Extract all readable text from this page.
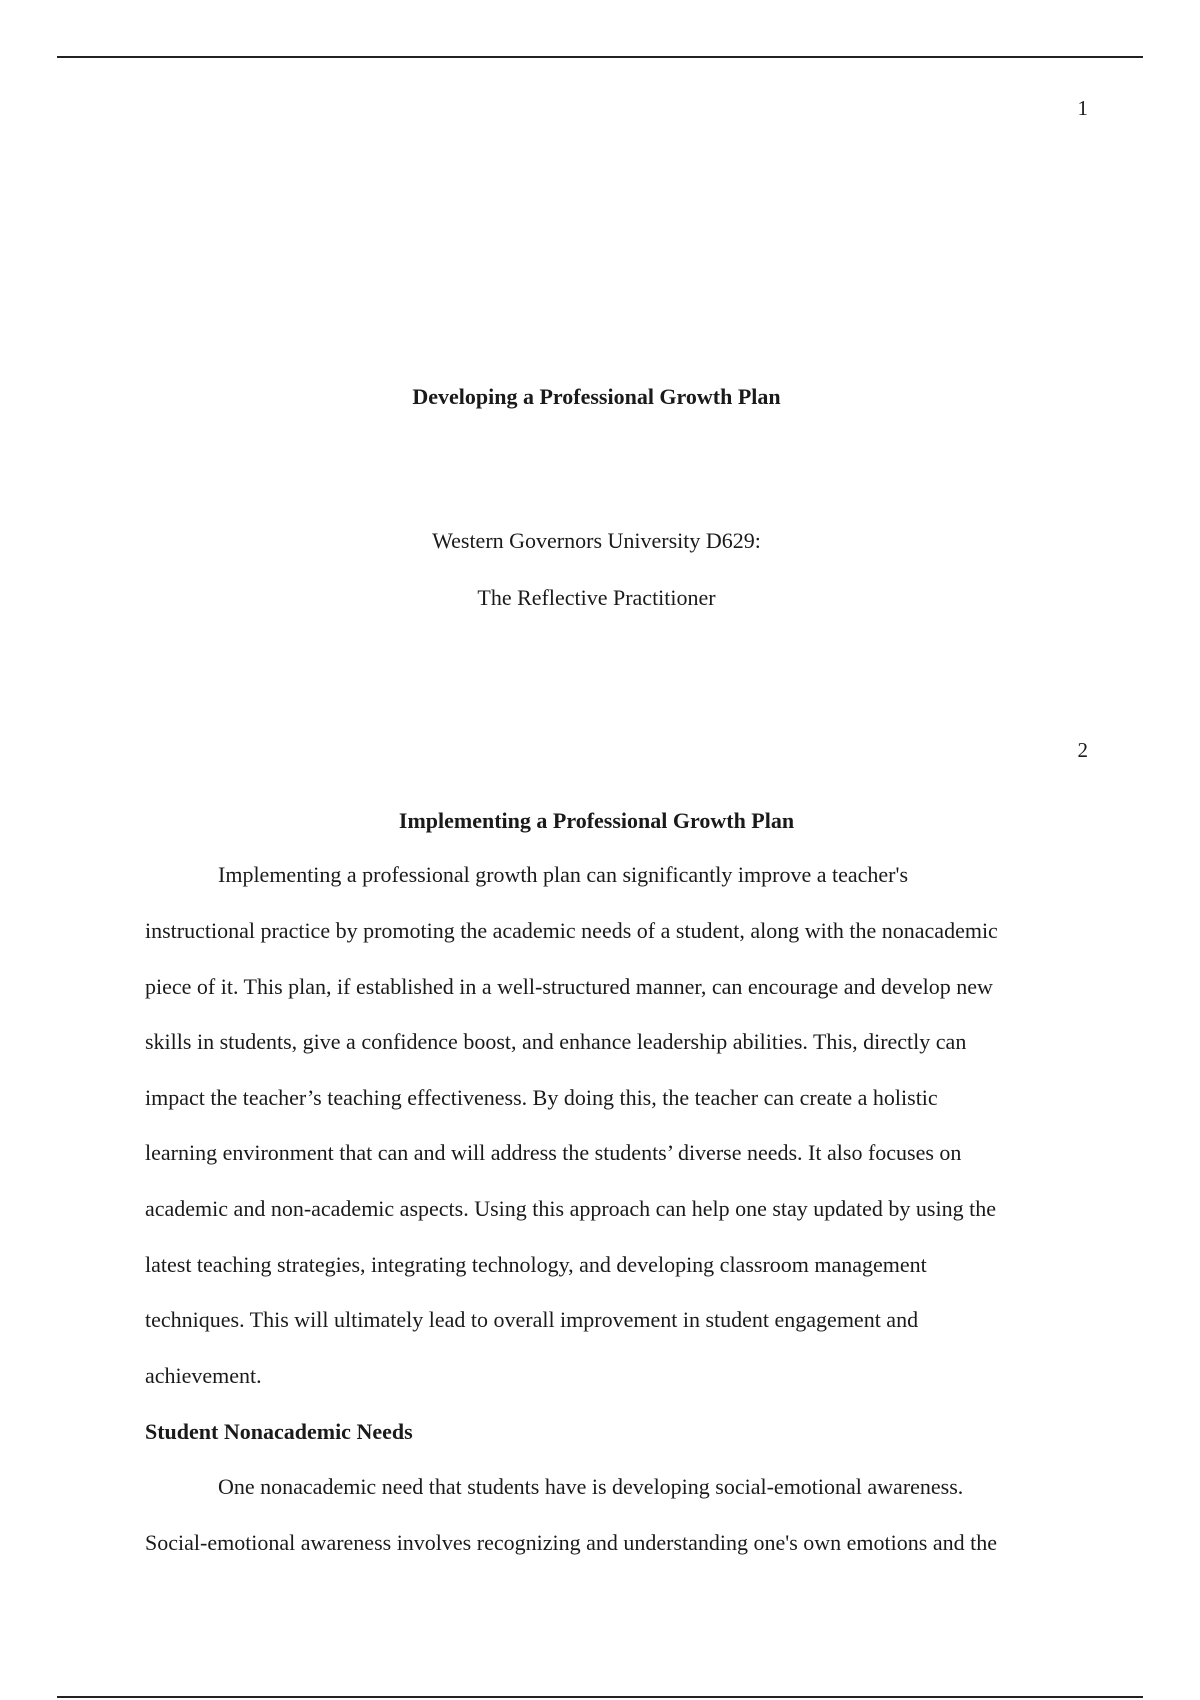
1
Developing a Professional Growth Plan
Western Governors University D629:
The Reflective Practitioner
2
Implementing a Professional Growth Plan
Implementing a professional growth plan can significantly improve a teacher's
instructional practice by promoting the academic needs of a student, along with the nonacademic
piece of it. This plan, if established in a well-structured manner, can encourage and develop new
skills in students, give a confidence boost, and enhance leadership abilities. This, directly can
impact the teacher’s teaching effectiveness. By doing this, the teacher can create a holistic
learning environment that can and will address the students’ diverse needs. It also focuses on
academic and non-academic aspects. Using this approach can help one stay updated by using the
latest teaching strategies, integrating technology, and developing classroom management
techniques. This will ultimately lead to overall improvement in student engagement and
achievement.
Student Nonacademic Needs
One nonacademic need that students have is developing social-emotional awareness.
Social-emotional awareness involves recognizing and understanding one's own emotions and the
